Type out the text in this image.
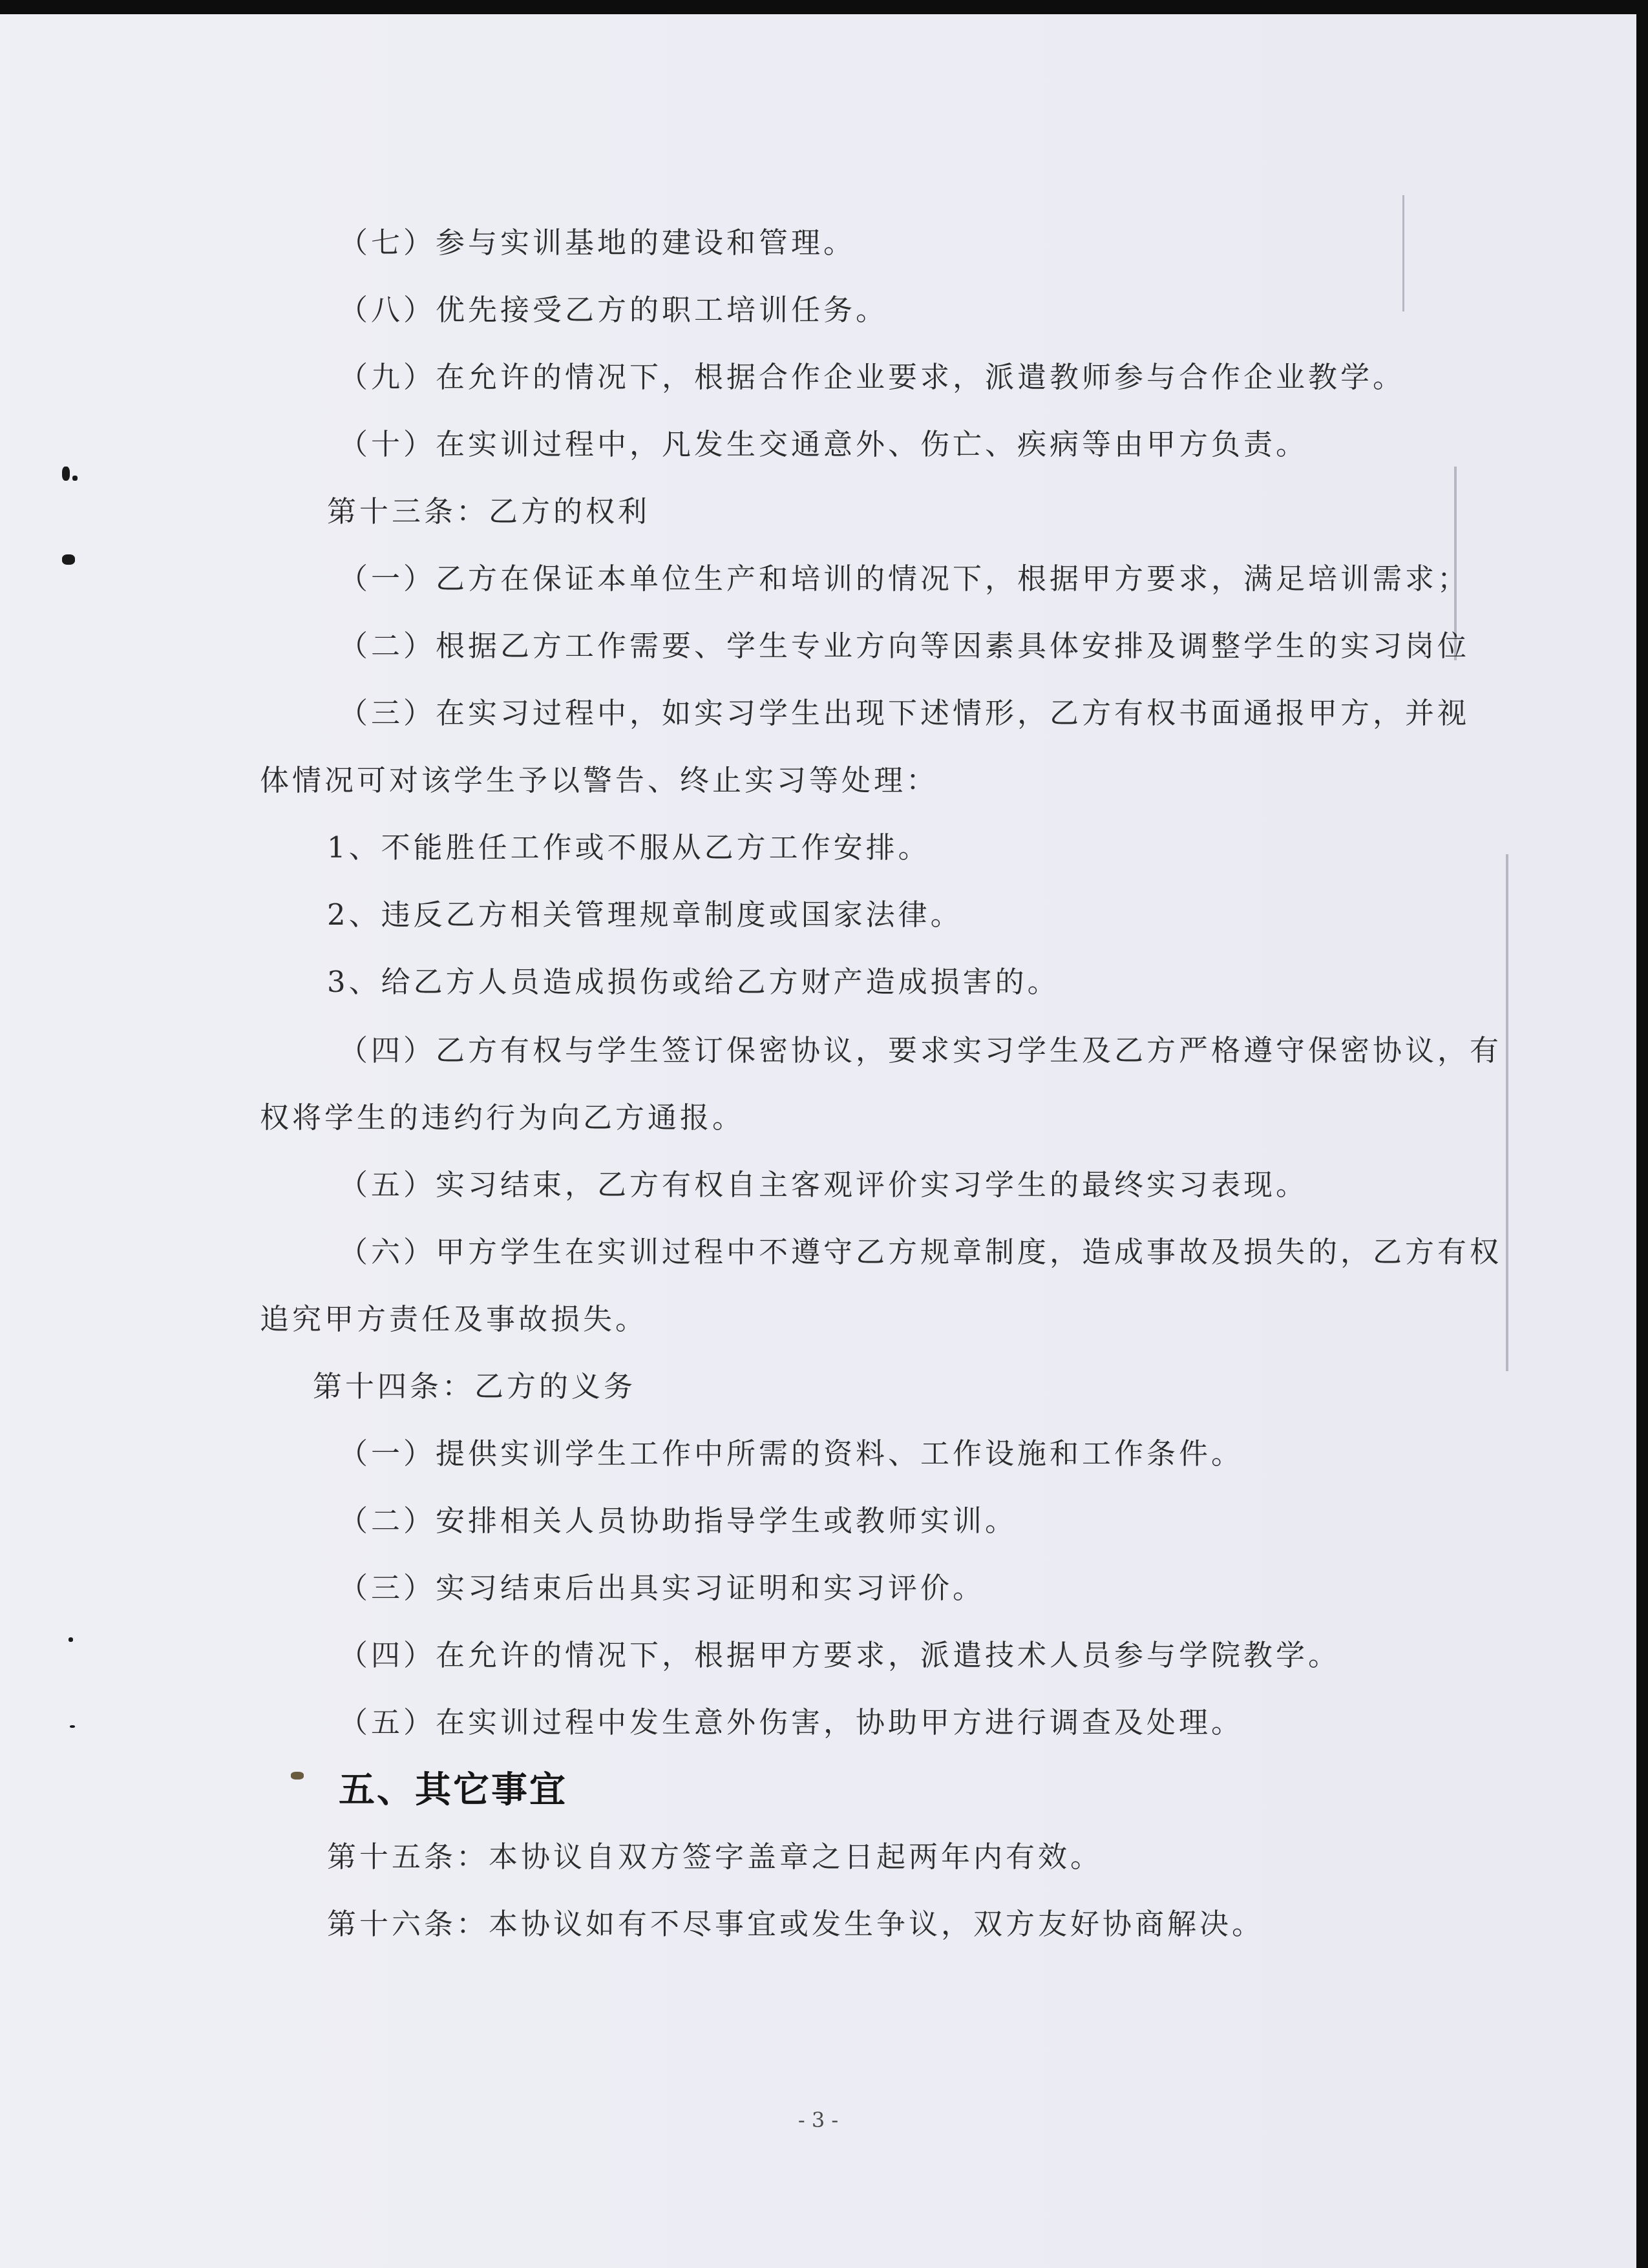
（七）参与实训基地的建设和管理。

（八）优先接受乙方的职工培训任务。

（九）在允许的情况下，根据合作企业要求，派遣教师参与合作企业教学。

（十）在实训过程中，凡发生交通意外、伤亡、疾病等由甲方负责。

第十三条：乙方的权利

（一）乙方在保证本单位生产和培训的情况下，根据甲方要求，满足培训需求；

（二）根据乙方工作需要、学生专业方向等因素具体安排及调整学生的实习岗位

（三）在实习过程中，如实习学生出现下述情形，乙方有权书面通报甲方，并视

体情况可对该学生予以警告、终止实习等处理：

1、不能胜任工作或不服从乙方工作安排。

2、违反乙方相关管理规章制度或国家法律。

3、给乙方人员造成损伤或给乙方财产造成损害的。

（四）乙方有权与学生签订保密协议，要求实习学生及乙方严格遵守保密协议，有

权将学生的违约行为向乙方通报。

（五）实习结束，乙方有权自主客观评价实习学生的最终实习表现。

（六）甲方学生在实训过程中不遵守乙方规章制度，造成事故及损失的，乙方有权

追究甲方责任及事故损失。

第十四条：乙方的义务

（一）提供实训学生工作中所需的资料、工作设施和工作条件。

（二）安排相关人员协助指导学生或教师实训。

（三）实习结束后出具实习证明和实习评价。

（四）在允许的情况下，根据甲方要求，派遣技术人员参与学院教学。

（五）在实训过程中发生意外伤害，协助甲方进行调查及处理。

五、其它事宜

第十五条：本协议自双方签字盖章之日起两年内有效。

第十六条：本协议如有不尽事宜或发生争议，双方友好协商解决。

- 3 -
